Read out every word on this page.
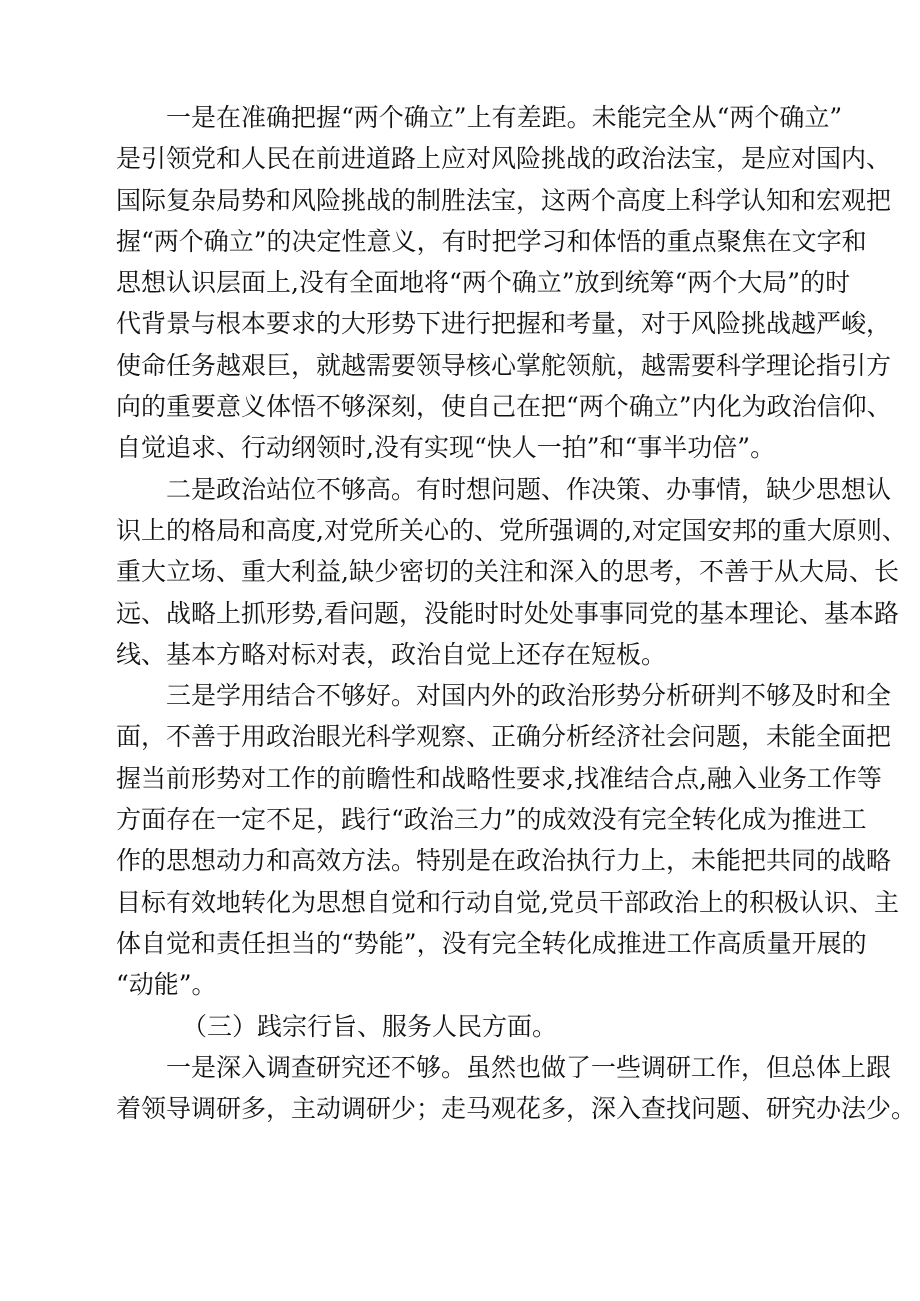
一是在准确把握“两个确立”上有差距。未能完全从“两个确立”
是引领党和人民在前进道路上应对风险挑战的政治法宝，是应对国内、
国际复杂局势和风险挑战的制胜法宝，这两个高度上科学认知和宏观把
握“两个确立”的决定性意义，有时把学习和体悟的重点聚焦在文字和
思想认识层面上,没有全面地将“两个确立”放到统筹“两个大局”的时
代背景与根本要求的大形势下进行把握和考量，对于风险挑战越严峻，
使命任务越艰巨，就越需要领导核心掌舵领航，越需要科学理论指引方
向的重要意义体悟不够深刻，使自己在把“两个确立”内化为政治信仰、
自觉追求、行动纲领时,没有实现“快人一拍”和“事半功倍”。
二是政治站位不够高。有时想问题、作决策、办事情，缺少思想认
识上的格局和高度,对党所关心的、党所强调的,对定国安邦的重大原则、
重大立场、重大利益,缺少密切的关注和深入的思考，不善于从大局、长
远、战略上抓形势,看问题，没能时时处处事事同党的基本理论、基本路
线、基本方略对标对表，政治自觉上还存在短板。
三是学用结合不够好。对国内外的政治形势分析研判不够及时和全
面，不善于用政治眼光科学观察、正确分析经济社会问题，未能全面把
握当前形势对工作的前瞻性和战略性要求,找准结合点,融入业务工作等
方面存在一定不足，践行“政治三力”的成效没有完全转化成为推进工
作的思想动力和高效方法。特别是在政治执行力上，未能把共同的战略
目标有效地转化为思想自觉和行动自觉,党员干部政治上的积极认识、主
体自觉和责任担当的“势能”，没有完全转化成推进工作高质量开展的
“动能”。
（三）践宗行旨、服务人民方面。
一是深入调查研究还不够。虽然也做了一些调研工作，但总体上跟
着领导调研多，主动调研少；走马观花多，深入查找问题、研究办法少。
